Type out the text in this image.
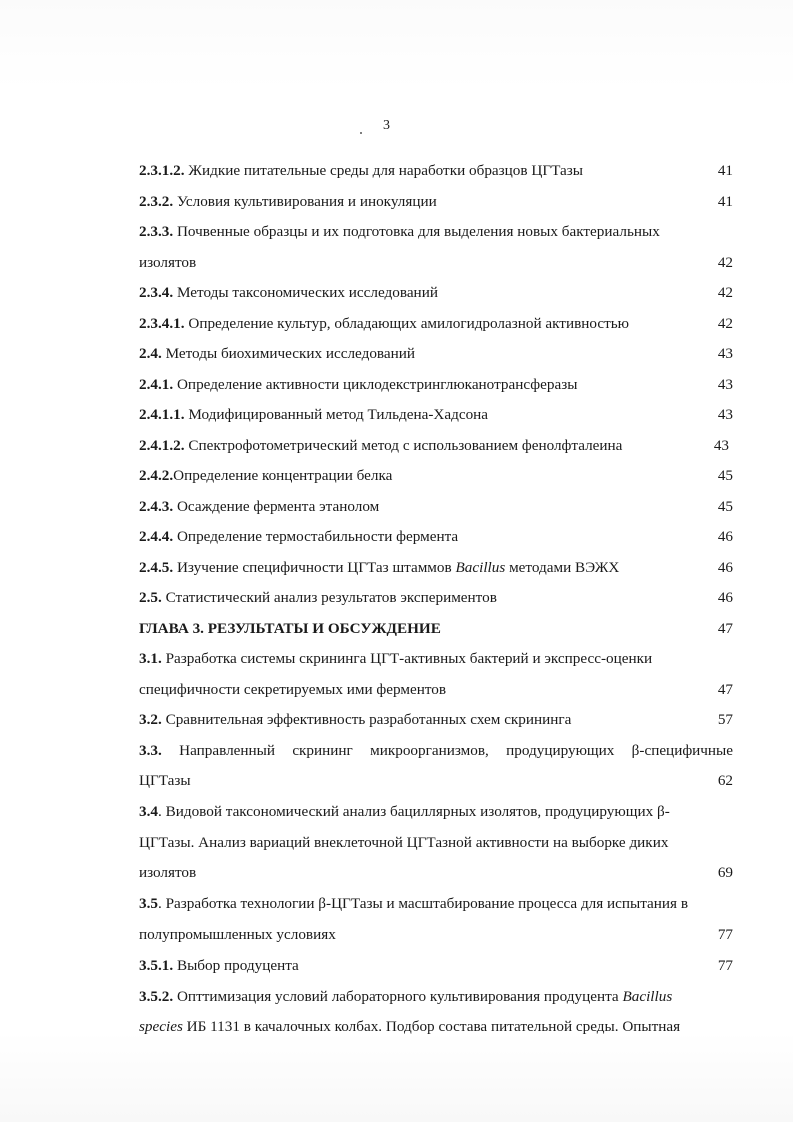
3
2.3.1.2. Жидкие питательные среды для наработки образцов ЦГТазы	41
2.3.2. Условия культивирования и инокуляции	41
2.3.3. Почвенные образцы и их подготовка для выделения новых бактериальных
изолятов	42
2.3.4. Методы таксономических исследований	42
2.3.4.1. Определение культур, обладающих амилогидролазной активностью	42
2.4. Методы биохимических исследований	43
2.4.1. Определение активности циклодекстринглюканотрансферазы	43
2.4.1.1. Модифицированный метод Тильдена-Хадсона	43
2.4.1.2. Спектрофотометрический метод с использованием фенолфталеина	43
2.4.2.Определение концентрации белка	45
2.4.3. Осаждение фермента этанолом	45
2.4.4. Определение термостабильности фермента	46
2.4.5. Изучение специфичности ЦГТаз штаммов Bacillus методами ВЭЖХ	46
2.5. Статистический анализ результатов экспериментов	46
ГЛАВА 3. РЕЗУЛЬТАТЫ И ОБСУЖДЕНИЕ	47
3.1. Разработка системы скрининга ЦГТ-активных бактерий и экспресс-оценки
специфичности секретируемых ими ферментов	47
3.2. Сравнительная эффективность разработанных схем скрининга	57
3.3. Направленный скрининг микроорганизмов, продуцирующих β-специфичные
ЦГТазы	62
3.4. Видовой таксономический анализ бациллярных изолятов, продуцирующих β-
ЦГТазы. Анализ вариаций внеклеточной ЦГТазной активности на выборке диких
изолятов	69
3.5. Разработка технологии β-ЦГТазы и масштабирование процесса для испытания в
полупромышленных условиях	77
3.5.1. Выбор продуцента	77
3.5.2. Опттимизация условий лабораторного культивирования продуцента Bacillus
species ИБ 1131 в качалочных колбах. Подбор состава питательной среды. Опытная
